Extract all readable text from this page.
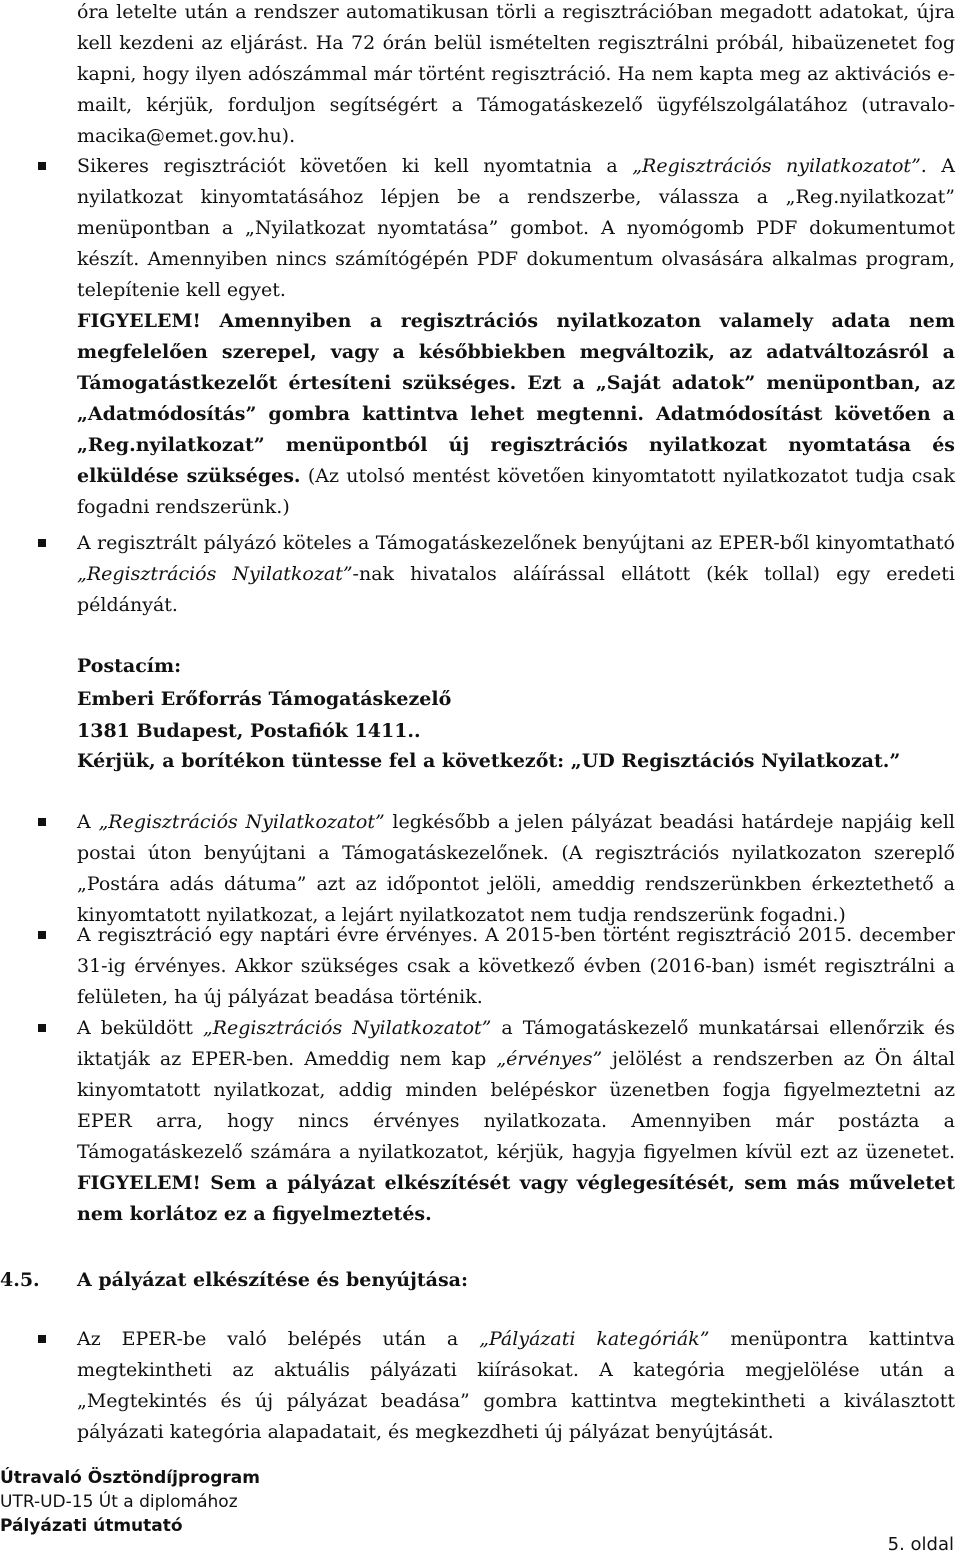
óra letelte után a rendszer automatikusan törli a regisztrációban megadott adatokat, újra kell kezdeni az eljárást. Ha 72 órán belül ismételten regisztrálni próbál, hibaüzenetet fog kapni, hogy ilyen adószámmal már történt regisztráció. Ha nem kapta meg az aktivációs e-mailt, kérjük, forduljon segítségért a Támogatáskezelő ügyfélszolgálatához (utravalo-macika@emet.gov.hu).
Sikeres regisztrációt követően ki kell nyomtatnia a „Regisztrációs nyilatkozatot”. A nyilatkozat kinyomtatásához lépjen be a rendszerbe, válassza a „Reg.nyilatkozat” menüpontban a „Nyilatkozat nyomtatása” gombot. A nyomógomb PDF dokumentumot készít. Amennyiben nincs számítógépén PDF dokumentum olvasására alkalmas program, telepítenie kell egyet.
FIGYELEM! Amennyiben a regisztrációs nyilatkozaton valamely adata nem megfelelően szerepel, vagy a későbbiekben megváltozik, az adatváltozásról a Támogatástkezelőt értesíteni szükséges. Ezt a „Saját adatok” menüpontban, az „Adatmódosítás” gombra kattintva lehet megtenni. Adatmódosítást követően a „Reg.nyilatkozat” menüpontból új regisztrációs nyilatkozat nyomtatása és elküldése szükséges. (Az utolsó mentést követően kinyomtatott nyilatkozatot tudja csak fogadni rendszerünk.)
A regisztrált pályázó köteles a Támogatáskezelőnek benyújtani az EPER-ből kinyomtatható „Regisztrációs Nyilatkozat”-nak hivatalos aláírással ellátott (kék tollal) egy eredeti példányát.
Postacím:
Emberi Erőforrás Támogatáskezelő
1381 Budapest, Postafiók 1411..
Kérjük, a borítékon tüntesse fel a következőt: „UD Regisztációs Nyilatkozat.”
A „Regisztrációs Nyilatkozatot” legkésőbb a jelen pályázat beadási határdeje napjáig kell postai úton benyújtani a Támogatáskezelőnek. (A regisztrációs nyilatkozaton szereplő „Postára adás dátuma” azt az időpontot jelöli, ameddig rendszerünkben érkeztethető a kinyomtatott nyilatkozat, a lejárt nyilatkozatot nem tudja rendszerünk fogadni.)
A regisztráció egy naptári évre érvényes. A 2015-ben történt regisztráció 2015. december 31-ig érvényes. Akkor szükséges csak a következő évben (2016-ban) ismét regisztrálni a felületen, ha új pályázat beadása történik.
A beküldött „Regisztrációs Nyilatkozatot” a Támogatáskezelő munkatársai ellenőrzik és iktatják az EPER-ben. Ameddig nem kap „érvényes” jelölést a rendszerben az Ön által kinyomtatott nyilatkozat, addig minden belépéskor üzenetben fogja figyelmeztetni az EPER arra, hogy nincs érvényes nyilatkozata. Amennyiben már postázta a Támogatáskezelő számára a nyilatkozatot, kérjük, hagyja figyelmen kívül ezt az üzenetet. FIGYELEM! Sem a pályázat elkészítését vagy véglegesítését, sem más műveletet nem korlátoz ez a figyelmeztetés.
4.5. A pályázat elkészítése és benyújtása:
Az EPER-be való belépés után a „Pályázati kategóriák” menüpontra kattintva megtekintheti az aktuális pályázati kiírásokat. A kategória megjelölése után a „Megtekintés és új pályázat beadása” gombra kattintva megtekintheti a kiválasztott pályázati kategória alapadatait, és megkezdheti új pályázat benyújtását.
Útravaló Ösztöndíjprogram
UTR-UD-15 Út a diplomához
Pályázati útmutató
5. oldal
